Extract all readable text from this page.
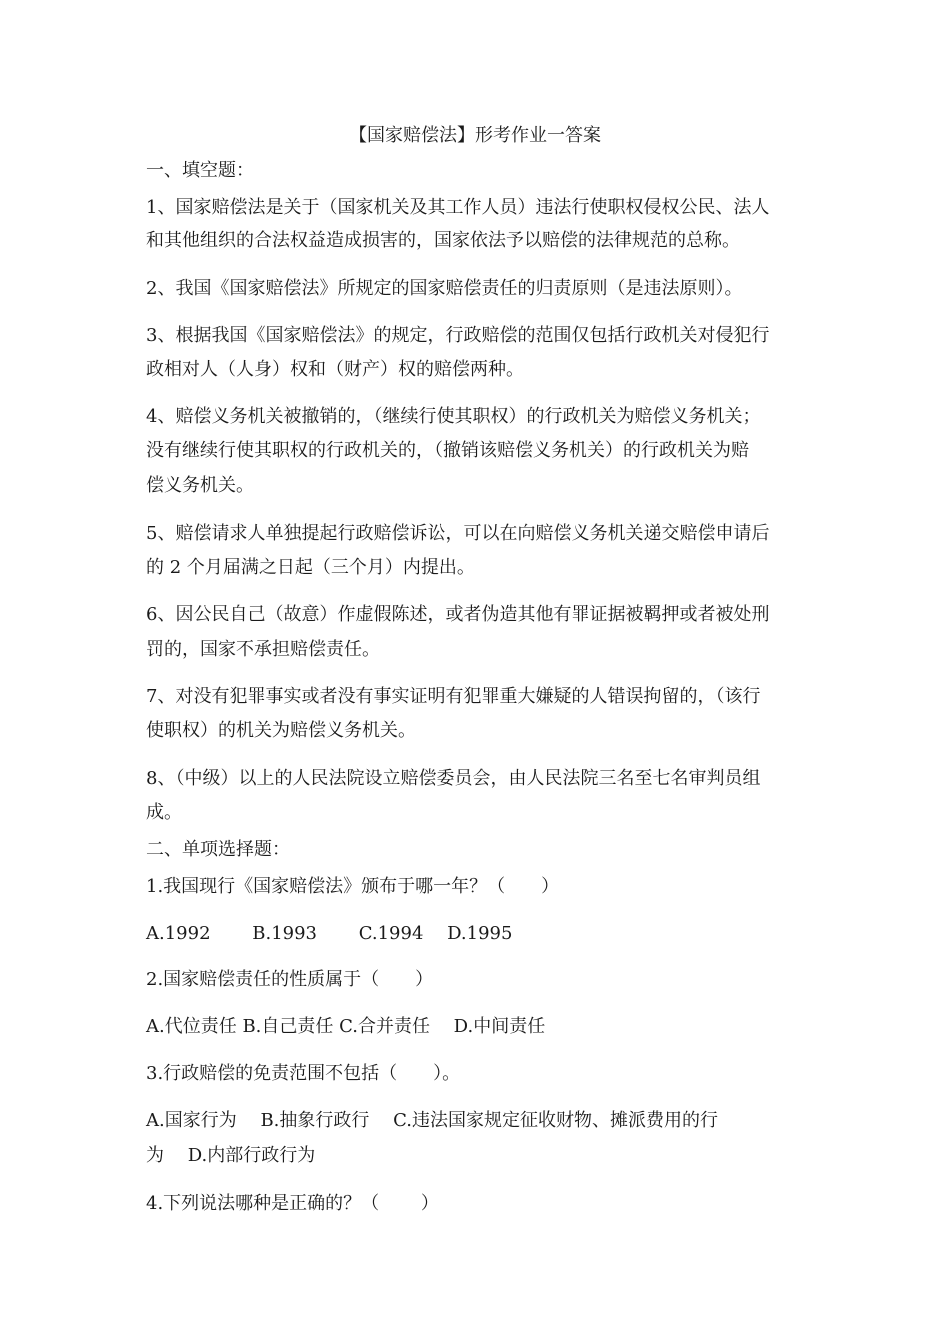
【国家赔偿法】形考作业一答案
一、填空题：
1、国家赔偿法是关于（国家机关及其工作人员）违法行使职权侵权公民、法人
和其他组织的合法权益造成损害的，国家依法予以赔偿的法律规范的总称。
2、我国《国家赔偿法》所规定的国家赔偿责任的归责原则（是违法原则）。
3、根据我国《国家赔偿法》的规定，行政赔偿的范围仅包括行政机关对侵犯行
政相对人（人身）权和（财产）权的赔偿两种。
4、赔偿义务机关被撤销的，（继续行使其职权）的行政机关为赔偿义务机关；
没有继续行使其职权的行政机关的，（撤销该赔偿义务机关）的行政机关为赔
偿义务机关。
5、赔偿请求人单独提起行政赔偿诉讼，可以在向赔偿义务机关递交赔偿申请后
的 2 个月届满之日起（三个月）内提出。
6、因公民自己（故意）作虚假陈述，或者伪造其他有罪证据被羁押或者被处刑
罚的，国家不承担赔偿责任。
7、对没有犯罪事实或者没有事实证明有犯罪重大嫌疑的人错误拘留的，（该行
使职权）的机关为赔偿义务机关。
8、（中级）以上的人民法院设立赔偿委员会，由人民法院三名至七名审判员组
成。
二、单项选择题：
1.我国现行《国家赔偿法》颁布于哪一年？（　　）
A.1992　　 B.1993　　 C.1994　 D.1995
2.国家赔偿责任的性质属于（　　）
A.代位责任 B.自己责任 C.合并责任　 D.中间责任
3.行政赔偿的免责范围不包括（　　）。
A.国家行为　 B.抽象行政行　 C.违法国家规定征收财物、摊派费用的行
为　 D.内部行政行为
4.下列说法哪种是正确的？（　　 ）
